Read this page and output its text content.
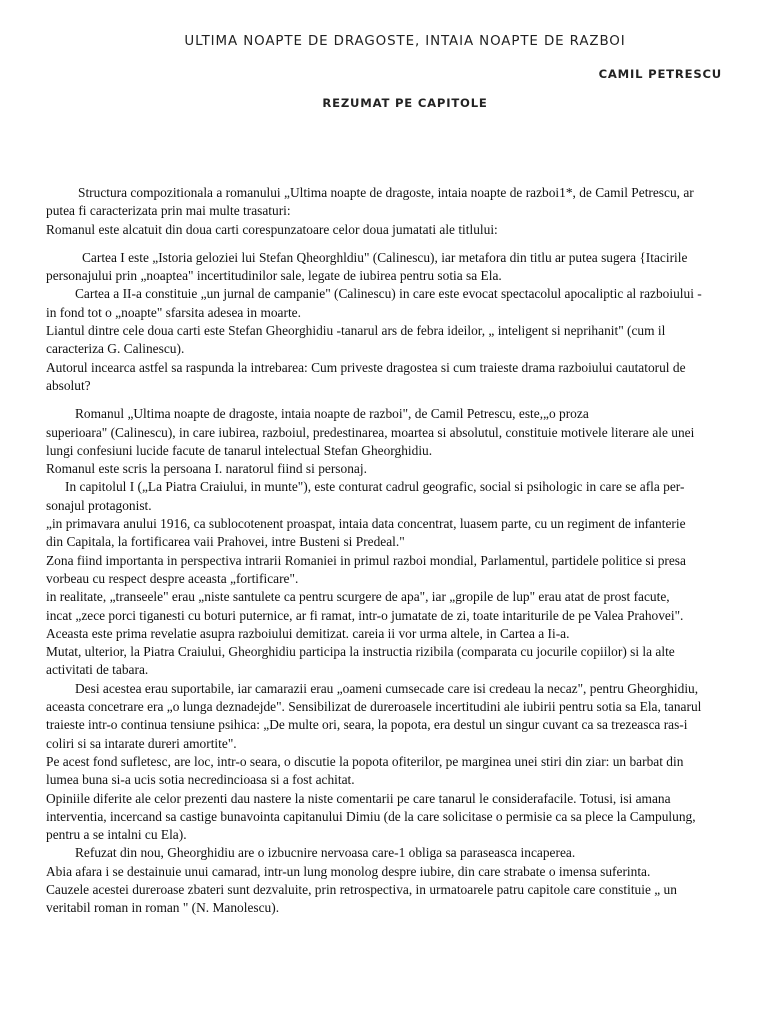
ULTIMA NOAPTE DE DRAGOSTE, INTAIA NOAPTE DE RAZBOI
CAMIL PETRESCU
REZUMAT PE CAPITOLE
Structura compozitionala a romanului „Ultima noapte de dragoste, intaia noapte de razboi1*, de Camil Petrescu, ar
putea fi caracterizata prin mai multe trasaturi:
Romanul este alcatuit din doua carti corespunzatoare celor doua jumatati ale titlului:
Cartea I este „Istoria geloziei lui Stefan Qheorghldiu" (Calinescu), iar metafora din titlu ar putea sugera {Itacirile
personajului prin „noaptea" incertitudinilor sale, legate de iubirea pentru sotia sa Ela.
Cartea a II-a constituie „un jurnal de campanie" (Calinescu) in care este evocat spectacolul apocaliptic al razboiului -
in fond tot o „noapte" sfarsita adesea in moarte.
Liantul dintre cele doua carti este Stefan Gheorghidiu -tanarul ars de febra ideilor, „ inteligent si neprihanit" (cum il
caracteriza G. Calinescu).
Autorul incearca astfel sa raspunda la intrebarea: Cum priveste dragostea si cum traieste drama razboiului cautatorul de
absolut?
Romanul „Ultima noapte de dragoste, intaia noapte de razboi", de Camil Petrescu, este,„o proza
superioara" (Calinescu), in care iubirea, razboiul, predestinarea, moartea si absolutul, constituie motivele literare ale unei
lungi confesiuni lucide facute de tanarul intelectual Stefan Gheorghidiu.
Romanul este scris la persoana I. naratorul fiind si personaj.
In capitolul I („La Piatra Craiului, in munte"), este conturat cadrul geografic, social si psihologic in care se afla per-
sonajul protagonist.
„in primavara anului 1916, ca sublocotenent proaspat, intaia data concentrat, luasem parte, cu un regiment de infanterie
din Capitala, la fortificarea vaii Prahovei, intre Busteni si Predeal."
Zona fiind importanta in perspectiva intrarii Romaniei in primul razboi mondial, Parlamentul, partidele politice si presa
vorbeau cu respect despre aceasta „fortificare".
in realitate, „transeele" erau „niste santulete ca pentru scurgere de apa", iar „gropile de lup" erau atat de prost facute,
incat „zece porci tiganesti cu boturi puternice, ar fi ramat, intr-o jumatate de zi, toate intariturile de pe Valea Prahovei".
Aceasta este prima revelatie asupra razboiului demitizat. careia ii vor urma altele, in Cartea a Ii-a.
Mutat, ulterior, la Piatra Craiului, Gheorghidiu participa la instructia rizibila (comparata cu jocurile copiilor) si la alte
activitati de tabara.
Desi acestea erau suportabile, iar camarazii erau „oameni cumsecade care isi credeau la necaz", pentru Gheorghidiu,
aceasta concetrare era „o lunga deznadejde". Sensibilizat de dureroasele incertitudini ale iubirii pentru sotia sa Ela, tanarul
traieste intr-o continua tensiune psihica: „De multe ori, seara, la popota, era destul un singur cuvant ca sa trezeasca ras-i
coliri si sa intarate dureri amortite".
Pe acest fond sufletesc, are loc, intr-o seara, o discutie la popota ofiterilor, pe marginea unei stiri din ziar: un barbat din
lumea buna si-a ucis sotia necredincioasa si a fost achitat.
Opiniile diferite ale celor prezenti dau nastere la niste comentarii pe care tanarul le considerafacile. Totusi, isi amana
interventia, incercand sa castige bunavointa capitanului Dimiu (de la care solicitase o permisie ca sa plece la Campulung,
pentru a se intalni cu Ela).
Refuzat din nou, Gheorghidiu are o izbucnire nervoasa care-1 obliga sa paraseasca incaperea.
Abia afara i se destainuie unui camarad, intr-un lung monolog despre iubire, din care strabate o imensa suferinta.
Cauzele acestei dureroase zbateri sunt dezvaluite, prin retrospectiva, in urmatoarele patru capitole care constituie „ un
veritabil roman in roman " (N. Manolescu).
